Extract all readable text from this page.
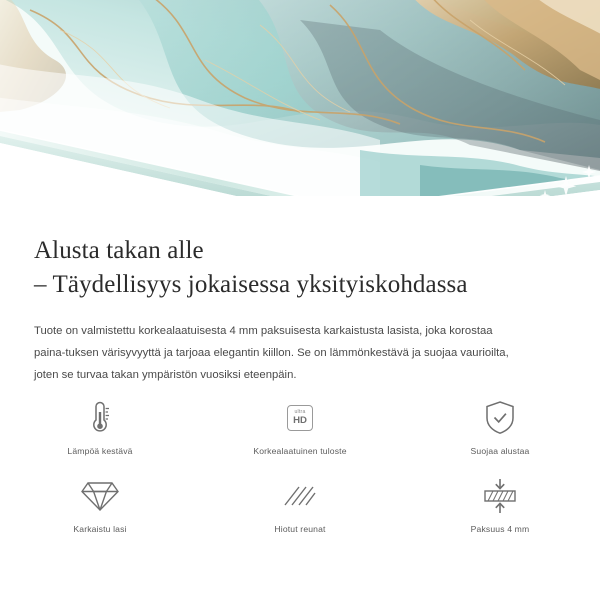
Alusta takan alle
– Täydellisyys jokaisessa yksityiskohdassa

Tuote on valmistettu korkealaatuisesta 4 mm paksuisesta karkaistusta lasista, joka korostaa paina-tuksen värisyvyyttä ja tarjoaa elegantin kiillon. Se on lämmönkestävä ja suojaa vaurioilta, joten se turvaa takan ympäristön vuosiksi eteenpäin.

Lämpöä kestävä
ultra
HD
Korkealaatuinen tuloste	Suojaa alustaa
Karkaistu lasi	Hiotut reunat	Paksuus 4 mm
